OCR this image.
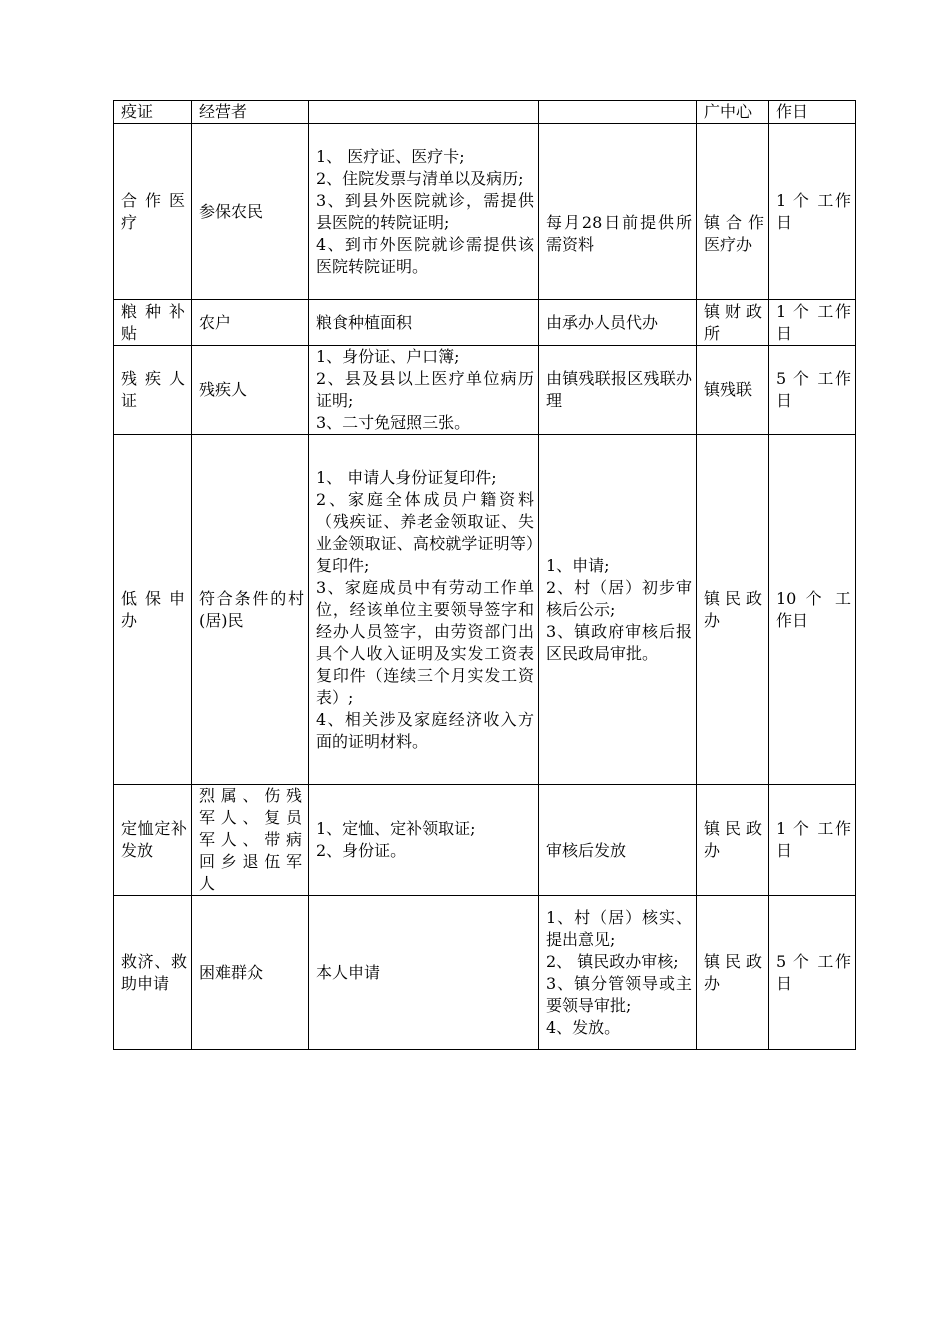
疫证	经营者			广中心	作日
合作医疗	参保农民	1、 医疗证、医疗卡;
2、住院发票与清单以及病历;
3、到县外医院就诊，需提供县医院的转院证明;
4、到市外医院就诊需提供该医院转院证明。	每月28日前提供所需资料	镇合作医疗办	1 个 工作日
粮种补贴	农户	粮食种植面积	由承办人员代办	镇财政所	1 个 工作日
残疾人证	残疾人	1、身份证、户口簿;
2、县及县以上医疗单位病历证明;
3、二寸免冠照三张。	由镇残联报区残联办理	镇残联	5 个 工作日
低保申办	符合条件的村(居)民	1、 申请人身份证复印件;
2、家庭全体成员户籍资料（残疾证、养老金领取证、失业金领取证、高校就学证明等）复印件;
3、家庭成员中有劳动工作单位，经该单位主要领导签字和经办人员签字，由劳资部门出具个人收入证明及实发工资表复印件（连续三个月实发工资表）;
4、相关涉及家庭经济收入方面的证明材料。	1、申请;
2、村（居）初步审核后公示;
3、镇政府审核后报区民政局审批。	镇民政办	10 个 工作日
定恤定补发放	烈属、伤残军人、复员军人、带病回乡退伍军人	1、定恤、定补领取证;
2、身份证。	审核后发放	镇民政办	1 个 工作日
救济、救助申请	困难群众	本人申请	1、村（居）核实、提出意见;
2、 镇民政办审核;
3、镇分管领导或主要领导审批;
4、发放。	镇民政办	5 个 工作日
